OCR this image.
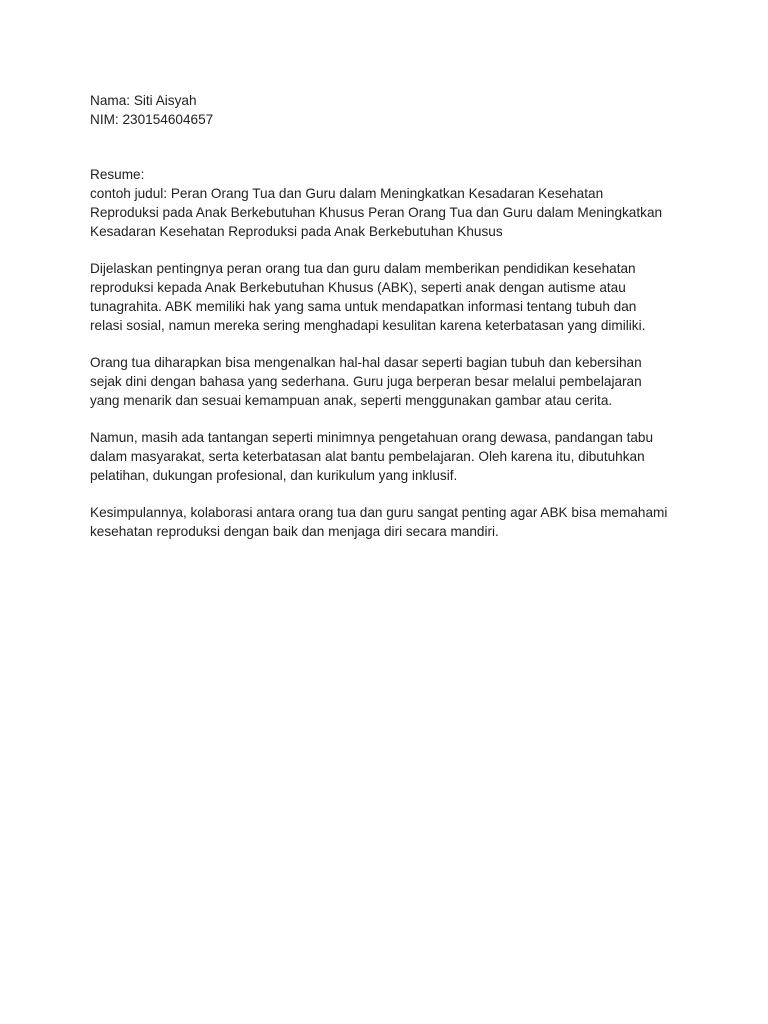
Nama: Siti Aisyah
NIM: 230154604657
Resume:
contoh judul: Peran Orang Tua dan Guru dalam Meningkatkan Kesadaran Kesehatan
Reproduksi pada Anak Berkebutuhan Khusus Peran Orang Tua dan Guru dalam Meningkatkan
Kesadaran Kesehatan Reproduksi pada Anak Berkebutuhan Khusus
Dijelaskan pentingnya peran orang tua dan guru dalam memberikan pendidikan kesehatan
reproduksi kepada Anak Berkebutuhan Khusus (ABK), seperti anak dengan autisme atau
tunagrahita. ABK memiliki hak yang sama untuk mendapatkan informasi tentang tubuh dan
relasi sosial, namun mereka sering menghadapi kesulitan karena keterbatasan yang dimiliki.
Orang tua diharapkan bisa mengenalkan hal-hal dasar seperti bagian tubuh dan kebersihan
sejak dini dengan bahasa yang sederhana. Guru juga berperan besar melalui pembelajaran
yang menarik dan sesuai kemampuan anak, seperti menggunakan gambar atau cerita.
Namun, masih ada tantangan seperti minimnya pengetahuan orang dewasa, pandangan tabu
dalam masyarakat, serta keterbatasan alat bantu pembelajaran. Oleh karena itu, dibutuhkan
pelatihan, dukungan profesional, dan kurikulum yang inklusif.
Kesimpulannya, kolaborasi antara orang tua dan guru sangat penting agar ABK bisa memahami
kesehatan reproduksi dengan baik dan menjaga diri secara mandiri.
